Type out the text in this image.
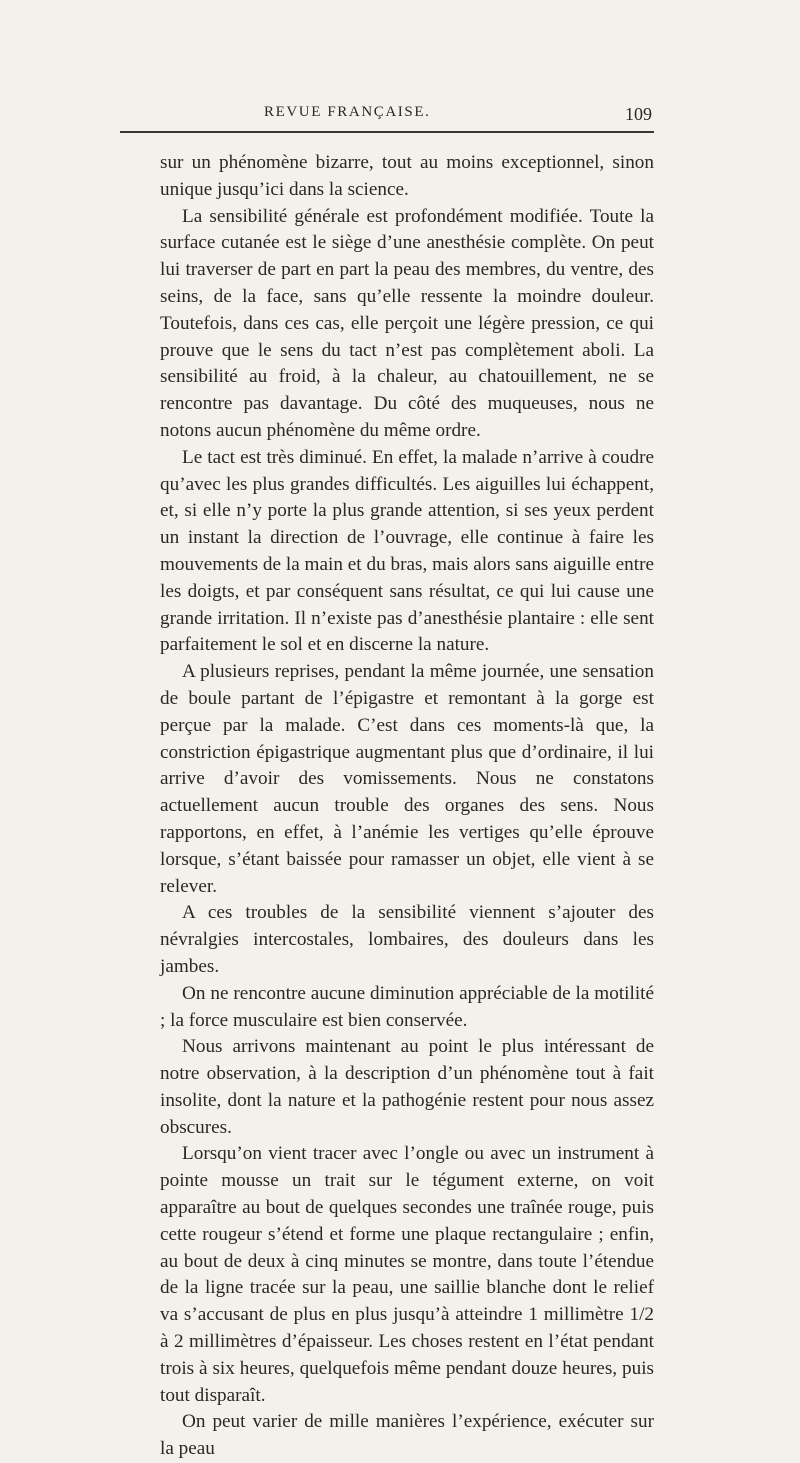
REVUE FRANÇAISE.	109

sur un phénomène bizarre, tout au moins exceptionnel, sinon unique jusqu’ici dans la science.

La sensibilité générale est profondément modifiée. Toute la surface cutanée est le siège d’une anesthésie complète. On peut lui traverser de part en part la peau des membres, du ventre, des seins, de la face, sans qu’elle ressente la moindre douleur. Toutefois, dans ces cas, elle perçoit une légère pression, ce qui prouve que le sens du tact n’est pas complètement aboli. La sensibilité au froid, à la chaleur, au chatouillement, ne se rencontre pas davantage. Du côté des muqueuses, nous ne notons aucun phénomène du même ordre.

Le tact est très diminué. En effet, la malade n’arrive à coudre qu’avec les plus grandes difficultés. Les aiguilles lui échappent, et, si elle n’y porte la plus grande attention, si ses yeux perdent un instant la direction de l’ouvrage, elle continue à faire les mouvements de la main et du bras, mais alors sans aiguille entre les doigts, et par conséquent sans résultat, ce qui lui cause une grande irritation. Il n’existe pas d’anesthésie plantaire : elle sent parfaitement le sol et en discerne la nature.

A plusieurs reprises, pendant la même journée, une sensation de boule partant de l’épigastre et remontant à la gorge est perçue par la malade. C’est dans ces moments-là que, la constriction épigastrique augmentant plus que d’ordinaire, il lui arrive d’avoir des vomissements. Nous ne constatons actuellement aucun trouble des organes des sens. Nous rapportons, en effet, à l’anémie les vertiges qu’elle éprouve lorsque, s’étant baissée pour ramasser un objet, elle vient à se relever.

A ces troubles de la sensibilité viennent s’ajouter des névralgies intercostales, lombaires, des douleurs dans les jambes.

On ne rencontre aucune diminution appréciable de la motilité ; la force musculaire est bien conservée.

Nous arrivons maintenant au point le plus intéressant de notre observation, à la description d’un phénomène tout à fait insolite, dont la nature et la pathogénie restent pour nous assez obscures.

Lorsqu’on vient tracer avec l’ongle ou avec un instrument à pointe mousse un trait sur le tégument externe, on voit apparaître au bout de quelques secondes une traînée rouge, puis cette rougeur s’étend et forme une plaque rectangulaire ; enfin, au bout de deux à cinq minutes se montre, dans toute l’étendue de la ligne tracée sur la peau, une saillie blanche dont le relief va s’accusant de plus en plus jusqu’à atteindre 1 millimètre 1/2 à 2 millimètres d’épaisseur. Les choses restent en l’état pendant trois à six heures, quelquefois même pendant douze heures, puis tout disparaît.

On peut varier de mille manières l’expérience, exécuter sur la peau
